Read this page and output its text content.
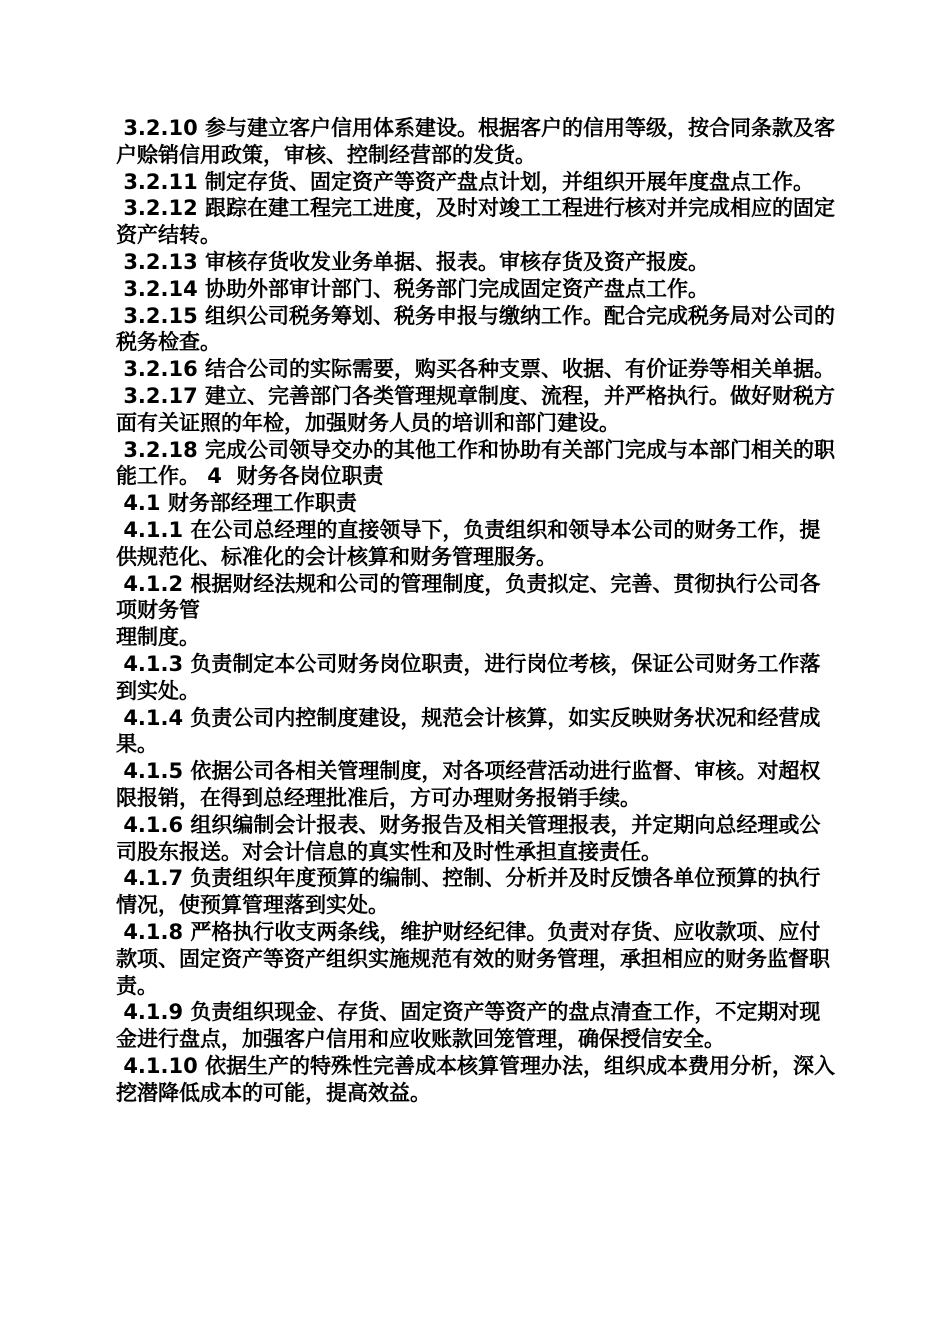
3.2.10 参与建立客户信用体系建设。根据客户的信用等级，按合同条款及客户赊销信用政策，审核、控制经营部的发货。

3.2.11 制定存货、固定资产等资产盘点计划，并组织开展年度盘点工作。

3.2.12 跟踪在建工程完工进度，及时对竣工工程进行核对并完成相应的固定资产结转。

3.2.13 审核存货收发业务单据、报表。审核存货及资产报废。

3.2.14 协助外部审计部门、税务部门完成固定资产盘点工作。

3.2.15 组织公司税务筹划、税务申报与缴纳工作。配合完成税务局对公司的税务检查。

3.2.16 结合公司的实际需要，购买各种支票、收据、有价证券等相关单据。

3.2.17 建立、完善部门各类管理规章制度、流程，并严格执行。做好财税方面有关证照的年检，加强财务人员的培训和部门建设。

3.2.18 完成公司领导交办的其他工作和协助有关部门完成与本部门相关的职能工作。 4  财务各岗位职责

4.1 财务部经理工作职责

4.1.1 在公司总经理的直接领导下，负责组织和领导本公司的财务工作，提供规范化、标准化的会计核算和财务管理服务。

4.1.2 根据财经法规和公司的管理制度，负责拟定、完善、贯彻执行公司各项财务管
理制度。

4.1.3 负责制定本公司财务岗位职责，进行岗位考核，保证公司财务工作落到实处。

4.1.4 负责公司内控制度建设，规范会计核算，如实反映财务状况和经营成果。

4.1.5 依据公司各相关管理制度，对各项经营活动进行监督、审核。对超权限报销，在得到总经理批准后，方可办理财务报销手续。

4.1.6 组织编制会计报表、财务报告及相关管理报表，并定期向总经理或公司股东报送。对会计信息的真实性和及时性承担直接责任。

4.1.7 负责组织年度预算的编制、控制、分析并及时反馈各单位预算的执行情况，使预算管理落到实处。

4.1.8 严格执行收支两条线，维护财经纪律。负责对存货、应收款项、应付款项、固定资产等资产组织实施规范有效的财务管理，承担相应的财务监督职责。

4.1.9 负责组织现金、存货、固定资产等资产的盘点清查工作，不定期对现金进行盘点，加强客户信用和应收账款回笼管理，确保授信安全。

4.1.10 依据生产的特殊性完善成本核算管理办法，组织成本费用分析，深入挖潜降低成本的可能，提高效益。
